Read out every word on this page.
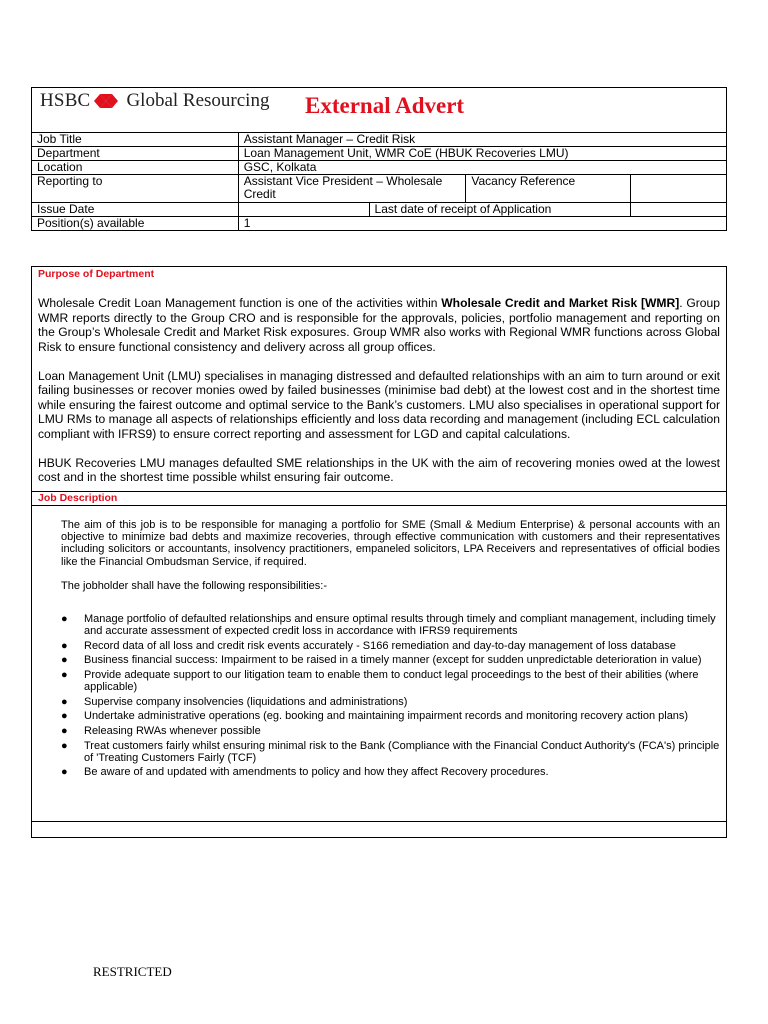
HSBC Global Resourcing External Advert
Job Title	Assistant Manager – Credit Risk			
Department	Loan Management Unit, WMR CoE (HBUK Recoveries LMU)			
Location	GSC, Kolkata			
Reporting to	Assistant Vice President – Wholesale Credit		Vacancy Reference	
Issue Date		Last date of receipt of Application		
Position(s) available	1			
Purpose of Department

Wholesale Credit Loan Management function is one of the activities within Wholesale Credit and Market Risk [WMR]. Group WMR reports directly to the Group CRO and is responsible for the approvals, policies, portfolio management and reporting on the Group’s Wholesale Credit and Market Risk exposures. Group WMR also works with Regional WMR functions across Global Risk to ensure functional consistency and delivery across all group offices.

Loan Management Unit (LMU) specialises in managing distressed and defaulted relationships with an aim to turn around or exit failing businesses or recover monies owed by failed businesses (minimise bad debt) at the lowest cost and in the shortest time while ensuring the fairest outcome and optimal service to the Bank’s customers. LMU also specialises in operational support for LMU RMs to manage all aspects of relationships efficiently and loss data recording and management (including ECL calculation compliant with IFRS9) to ensure correct reporting and assessment for LGD and capital calculations.

HBUK Recoveries LMU manages defaulted SME relationships in the UK with the aim of recovering monies owed at the lowest cost and in the shortest time possible whilst ensuring fair outcome.

Job Description

The aim of this job is to be responsible for managing a portfolio for SME (Small & Medium Enterprise) & personal accounts with an objective to minimize bad debts and maximize recoveries, through effective communication with customers and their representatives including solicitors or accountants, insolvency practitioners, empaneled solicitors, LPA Receivers and representatives of official bodies like the Financial Ombudsman Service, if required.

The jobholder shall have the following responsibilities:-

● Manage portfolio of defaulted relationships and ensure optimal results through timely and compliant management, including timely and accurate assessment of expected credit loss in accordance with IFRS9 requirements
● Record data of all loss and credit risk events accurately - S166 remediation and day-to-day management of loss database
● Business financial success: Impairment to be raised in a timely manner (except for sudden unpredictable deterioration in value)
● Provide adequate support to our litigation team to enable them to conduct legal proceedings to the best of their abilities (where applicable)
● Supervise company insolvencies (liquidations and administrations)
● Undertake administrative operations (eg. booking and maintaining impairment records and monitoring recovery action plans)
● Releasing RWAs whenever possible
● Treat customers fairly whilst ensuring minimal risk to the Bank (Compliance with the Financial Conduct Authority's (FCA's) principle of 'Treating Customers Fairly (TCF)
● Be aware of and updated with amendments to policy and how they affect Recovery procedures.
RESTRICTED
